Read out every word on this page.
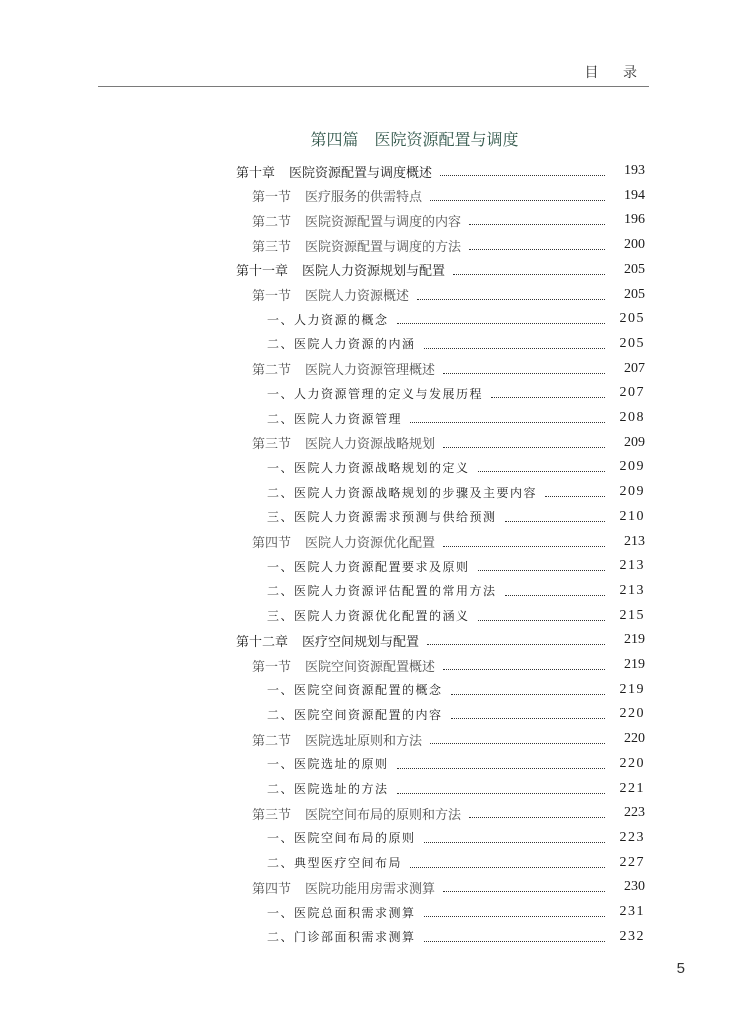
目 录
第四篇　医院资源配置与调度
第十章 医院资源配置与调度概述	193
第一节 医疗服务的供需特点	194
第二节 医院资源配置与调度的内容	196
第三节 医院资源配置与调度的方法	200
第十一章 医院人力资源规划与配置	205
第一节 医院人力资源概述	205
一、人力资源的概念	205
二、医院人力资源的内涵	205
第二节 医院人力资源管理概述	207
一、人力资源管理的定义与发展历程	207
二、医院人力资源管理	208
第三节 医院人力资源战略规划	209
一、医院人力资源战略规划的定义	209
二、医院人力资源战略规划的步骤及主要内容	209
三、医院人力资源需求预测与供给预测	210
第四节 医院人力资源优化配置	213
一、医院人力资源配置要求及原则	213
二、医院人力资源评估配置的常用方法	213
三、医院人力资源优化配置的涵义	215
第十二章 医疗空间规划与配置	219
第一节 医院空间资源配置概述	219
一、医院空间资源配置的概念	219
二、医院空间资源配置的内容	220
第二节 医院选址原则和方法	220
一、医院选址的原则	220
二、医院选址的方法	221
第三节 医院空间布局的原则和方法	223
一、医院空间布局的原则	223
二、典型医疗空间布局	227
第四节 医院功能用房需求测算	230
一、医院总面积需求测算	231
二、门诊部面积需求测算	232
5
